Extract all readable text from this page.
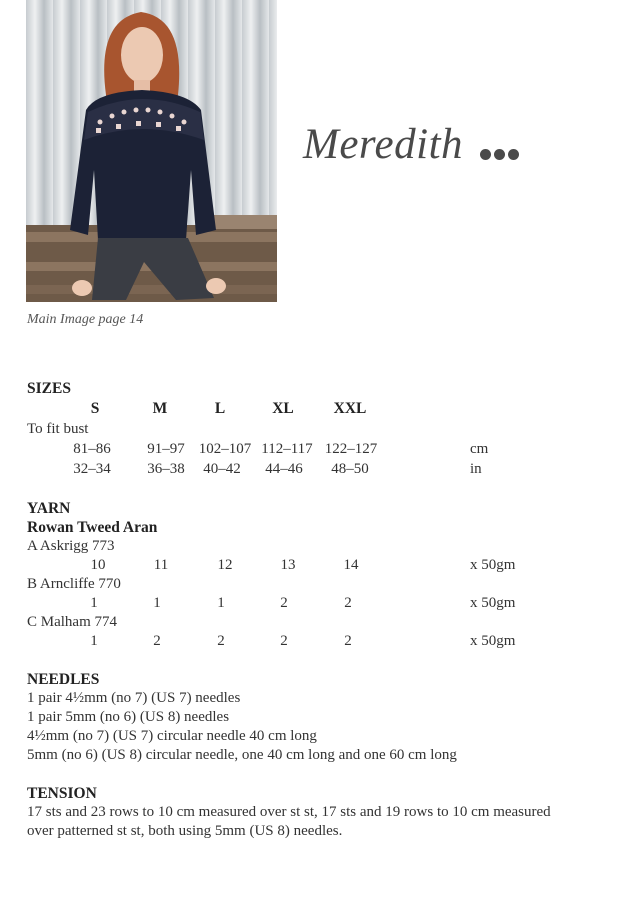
Main Image page 14
Meredith
SIZES
S	M	L	XL	XXL
To fit bust
81–86	91–97 102–107 112–117 122–127	cm
32–34	36–38	40–42	44–46	48–50	in
YARN
Rowan Tweed Aran
A Askrigg 773
10	11	12	13	14	x 50gm
B Arncliffe 770
1	1	1	2	2	x 50gm
C Malham 774
1	2	2	2	2	x 50gm
NEEDLES
1 pair 4½mm (no 7) (US 7) needles
1 pair 5mm (no 6) (US 8) needles
4½mm (no 7) (US 7) circular needle 40 cm long
5mm (no 6) (US 8) circular needle, one 40 cm long and one 60 cm long
TENSION
17 sts and 23 rows to 10 cm measured over st st, 17 sts and 19 rows to 10 cm measured
over patterned st st, both using 5mm (US 8) needles.
